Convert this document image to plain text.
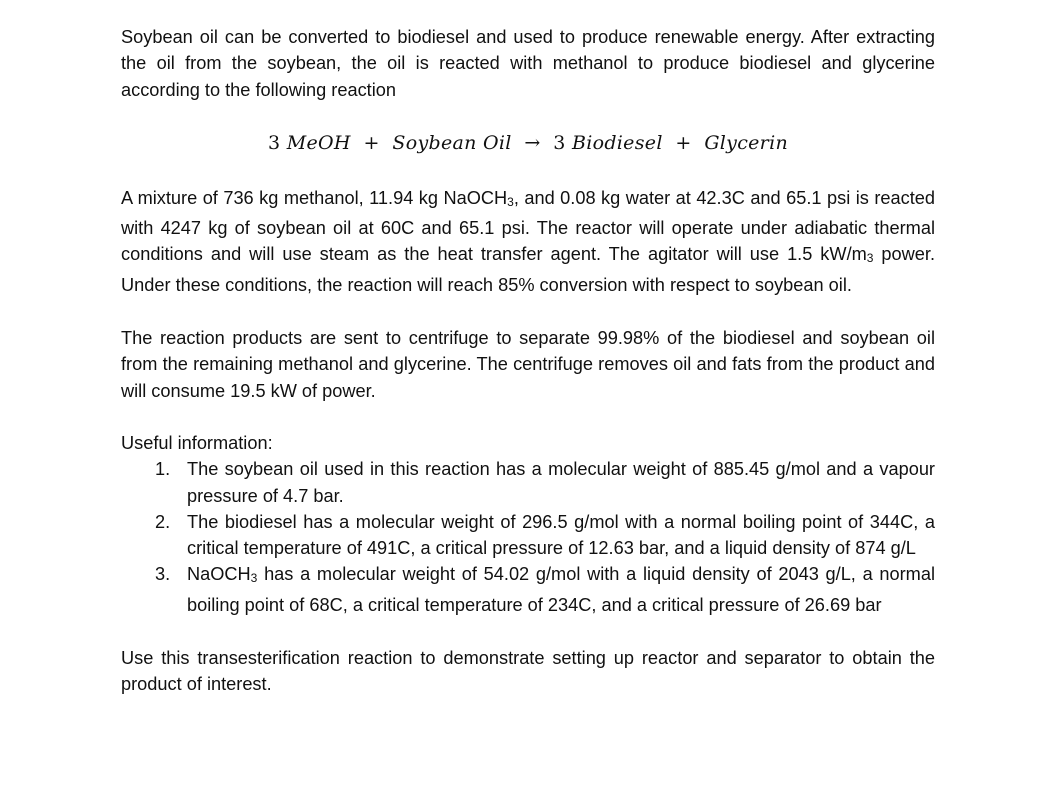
Soybean oil can be converted to biodiesel and used to produce renewable energy. After extracting the oil from the soybean, the oil is reacted with methanol to produce biodiesel and glycerine according to the following reaction

3 MeOH + Soybean Oil → 3 Biodiesel + Glycerin

A mixture of 736 kg methanol, 11.94 kg NaOCH3, and 0.08 kg water at 42.3C and 65.1 psi is reacted with 4247 kg of soybean oil at 60C and 65.1 psi. The reactor will operate under adiabatic thermal conditions and will use steam as the heat transfer agent. The agitator will use 1.5 kW/m3 power. Under these conditions, the reaction will reach 85% conversion with respect to soybean oil.

The reaction products are sent to centrifuge to separate 99.98% of the biodiesel and soybean oil from the remaining methanol and glycerine. The centrifuge removes oil and fats from the product and will consume 19.5 kW of power.

Useful information:

1. The soybean oil used in this reaction has a molecular weight of 885.45 g/mol and a vapour pressure of 4.7 bar.
2. The biodiesel has a molecular weight of 296.5 g/mol with a normal boiling point of 344C, a critical temperature of 491C, a critical pressure of 12.63 bar, and a liquid density of 874 g/L
3. NaOCH3 has a molecular weight of 54.02 g/mol with a liquid density of 2043 g/L, a normal boiling point of 68C, a critical temperature of 234C, and a critical pressure of 26.69 bar

Use this transesterification reaction to demonstrate setting up reactor and separator to obtain the product of interest.
